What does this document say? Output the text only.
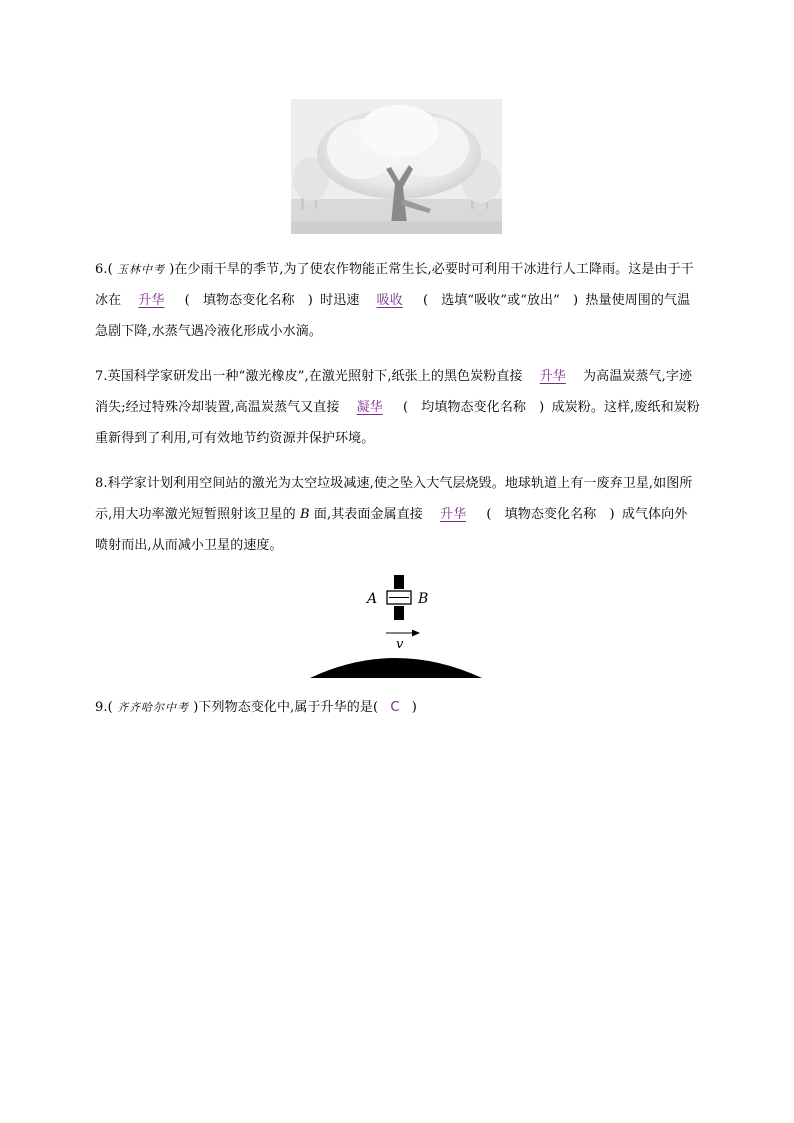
6.( 玉林中考 )在少雨干旱的季节,为了使农作物能正常生长,必要时可利用干冰进行人工降雨。这是由于干冰在 升华 (　填物态变化名称　) 时迅速 吸收 (　选填“吸收”或“放出”　) 热量使周围的气温急剧下降,水蒸气遇冷液化形成小水滴。
7.英国科学家研发出一种“激光橡皮”,在激光照射下,纸张上的黑色炭粉直接 升华 为高温炭蒸气,字迹消失;经过特殊冷却装置,高温炭蒸气又直接 凝华 (　均填物态变化名称　) 成炭粉。这样,废纸和炭粉重新得到了利用,可有效地节约资源并保护环境。
8.科学家计划利用空间站的激光为太空垃圾减速,使之坠入大气层烧毁。地球轨道上有一废弃卫星,如图所示,用大功率激光短暂照射该卫星的 B 面,其表面金属直接 升华 (　填物态变化名称　) 成气体向外喷射而出,从而减小卫星的速度。
A	B
v
9.( 齐齐哈尔中考 )下列物态变化中,属于升华的是( C )
